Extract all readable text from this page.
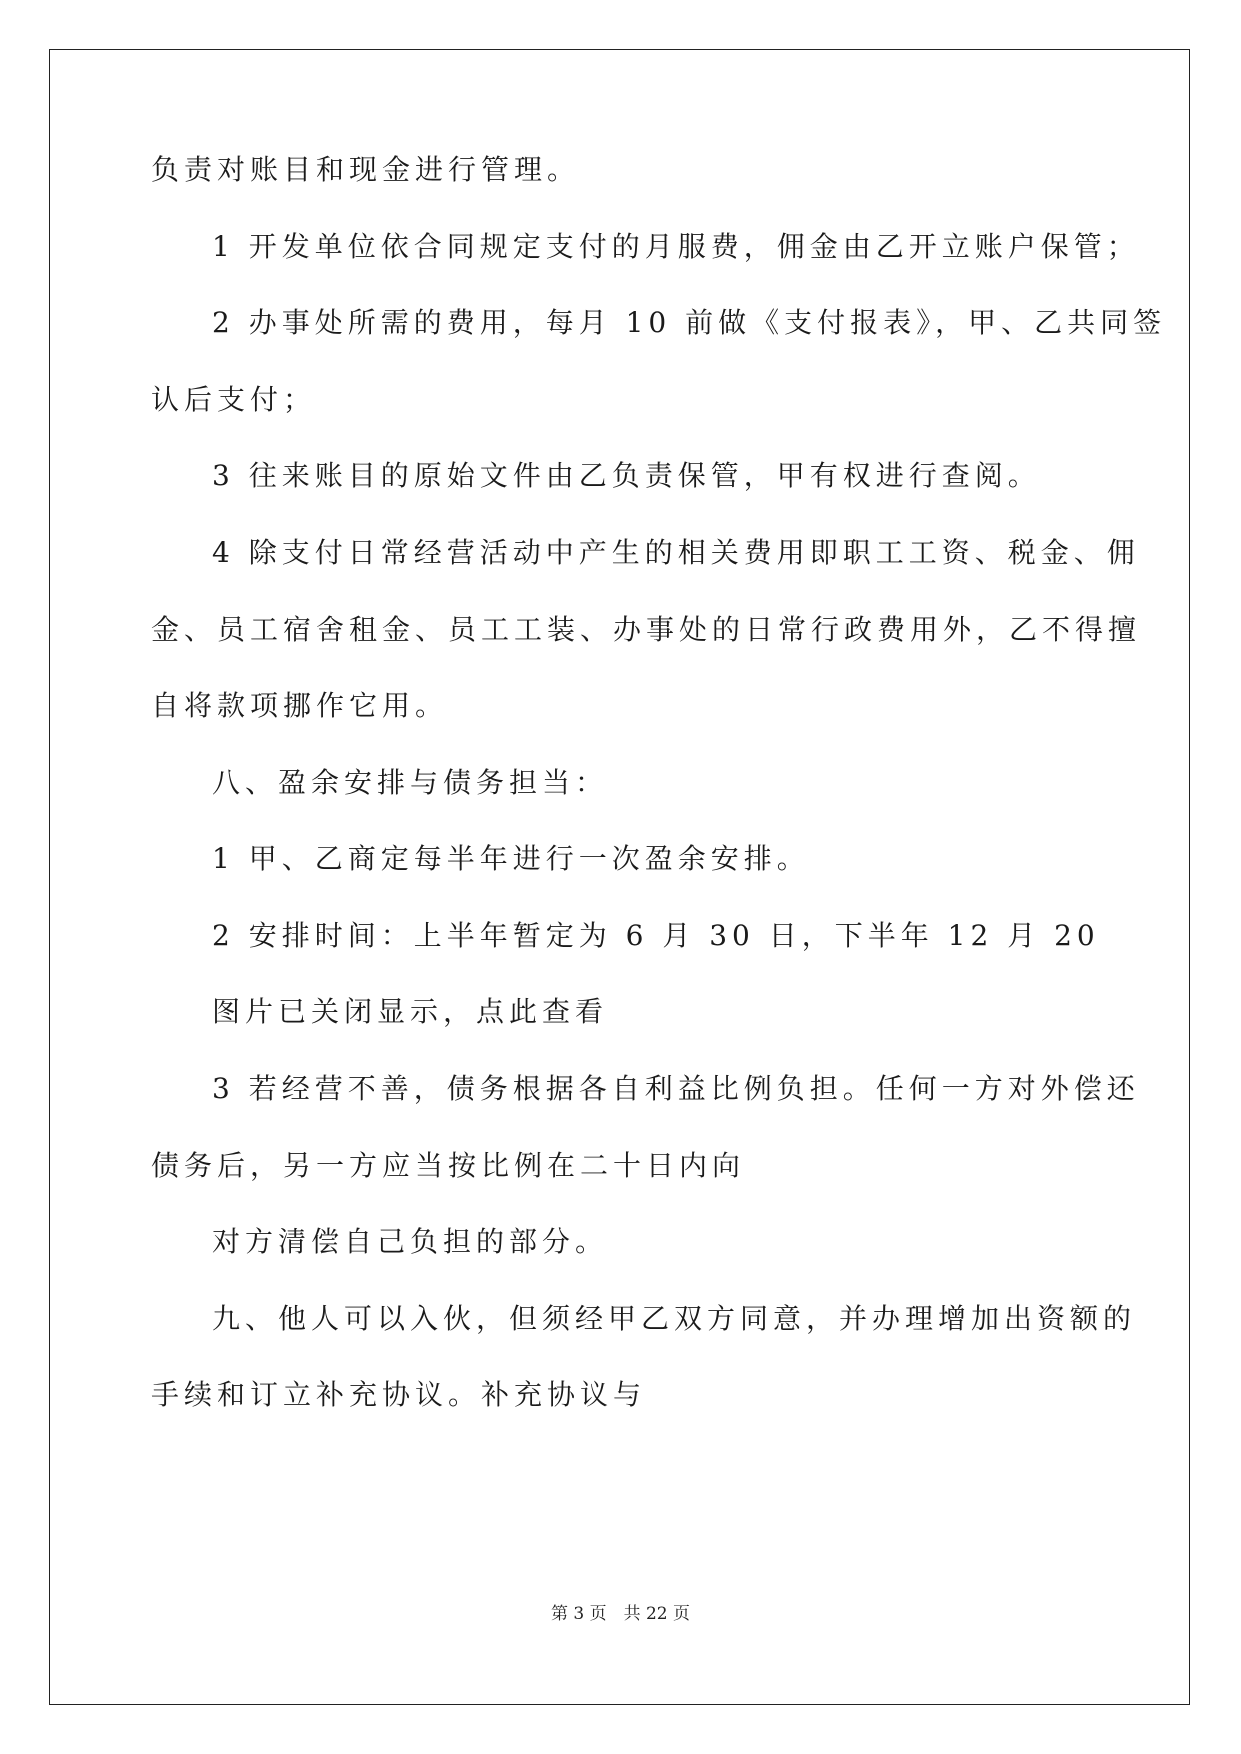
负责对账目和现金进行管理。
1 开发单位依合同规定支付的月服费，佣金由乙开立账户保管；
2 办事处所需的费用，每月 10 前做《支付报表》，甲、乙共同签
认后支付；
3 往来账目的原始文件由乙负责保管，甲有权进行查阅。
4 除支付日常经营活动中产生的相关费用即职工工资、税金、佣
金、员工宿舍租金、员工工装、办事处的日常行政费用外，乙不得擅
自将款项挪作它用。
八、盈余安排与债务担当：
1 甲、乙商定每半年进行一次盈余安排。
2 安排时间：上半年暂定为 6 月 30 日，下半年 12 月 20
图片已关闭显示，点此查看
3 若经营不善，债务根据各自利益比例负担。任何一方对外偿还
债务后，另一方应当按比例在二十日内向
对方清偿自己负担的部分。
九、他人可以入伙，但须经甲乙双方同意，并办理增加出资额的
手续和订立补充协议。补充协议与
第 3 页　共 22 页
